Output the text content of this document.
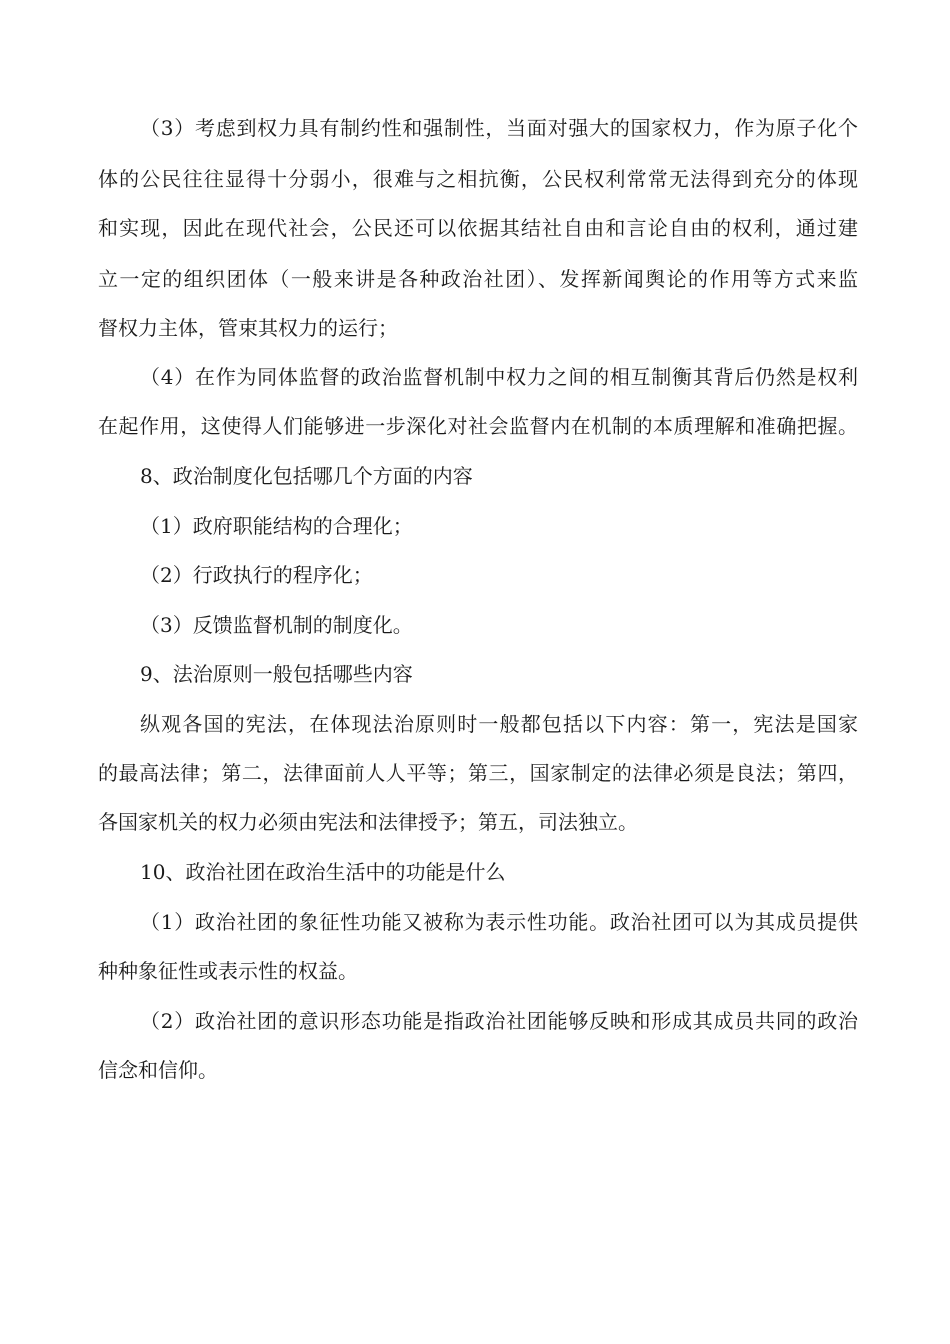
（3）考虑到权力具有制约性和强制性，当面对强大的国家权力，作为原子化个
体的公民往往显得十分弱小，很难与之相抗衡，公民权利常常无法得到充分的体现
和实现，因此在现代社会，公民还可以依据其结社自由和言论自由的权利，通过建
立一定的组织团体（一般来讲是各种政治社团）、发挥新闻舆论的作用等方式来监
督权力主体，管束其权力的运行；
（4）在作为同体监督的政治监督机制中权力之间的相互制衡其背后仍然是权利
在起作用，这使得人们能够进一步深化对社会监督内在机制的本质理解和准确把握。
8、政治制度化包括哪几个方面的内容
（1）政府职能结构的合理化；
（2）行政执行的程序化；
（3）反馈监督机制的制度化。
9、法治原则一般包括哪些内容
纵观各国的宪法，在体现法治原则时一般都包括以下内容：第一，宪法是国家
的最高法律；第二，法律面前人人平等；第三，国家制定的法律必须是良法；第四，
各国家机关的权力必须由宪法和法律授予；第五，司法独立。
10、政治社团在政治生活中的功能是什么
（1）政治社团的象征性功能又被称为表示性功能。政治社团可以为其成员提供
种种象征性或表示性的权益。
（2）政治社团的意识形态功能是指政治社团能够反映和形成其成员共同的政治
信念和信仰。
